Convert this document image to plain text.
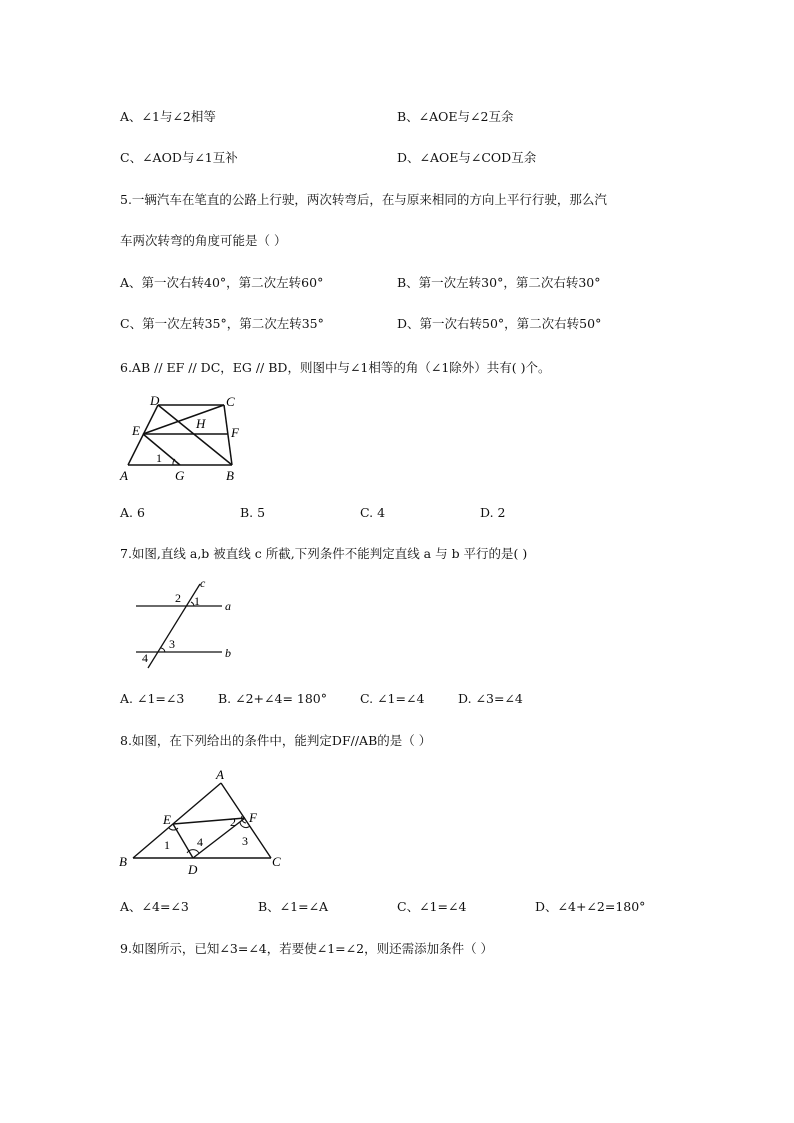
A、∠1与∠2相等	B、∠AOE与∠2互余
C、∠AOD与∠1互补	D、∠AOE与∠COD互余
5.一辆汽车在笔直的公路上行驶，两次转弯后，在与原来相同的方向上平行行驶，那么汽
车两次转弯的角度可能是（ ）
A、第一次右转40°，第二次左转60°	B、第一次左转30°，第二次右转30°
C、第一次左转35°，第二次左转35°	D、第一次右转50°，第二次右转50°
6.AB // EF // DC，EG // BD，则图中与∠1相等的角（∠1除外）共有( )个。
D	C
E	H
F
1
A	G	B
A. 6	B. 5	C. 4	D. 2
7.如图,直线 a,b 被直线 c 所截,下列条件不能判定直线 a 与 b 平行的是( )
c
2 1 a
3
4	b
A. ∠1=∠3	B. ∠2+∠4= 180°	C. ∠1=∠4	D. ∠3=∠4
8.如图，在下列给出的条件中，能判定DF//AB的是（ ）
A
E	F
2
1 4	3
B
D
C
A、∠4=∠3	B、∠1=∠A	C、∠1=∠4	D、∠4+∠2=180°
9.如图所示，已知∠3=∠4，若要使∠1=∠2，则还需添加条件（ ）
